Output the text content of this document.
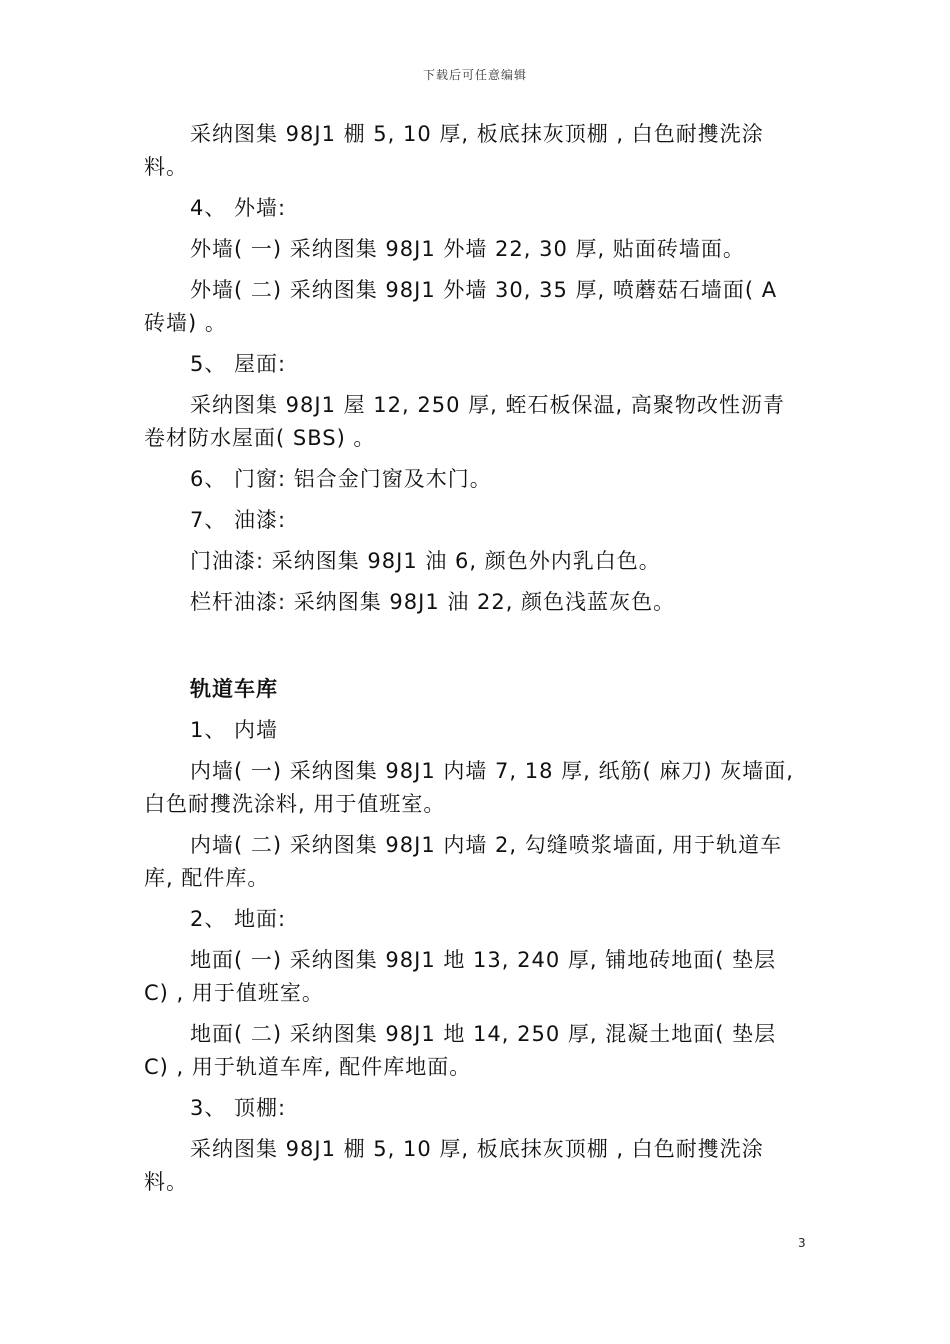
下载后可任意编辑

采纳图集 98J1 棚 5, 10 厚, 板底抹灰顶棚 , 白色耐㩳洗涂料。

4、 外墙:

外墙( 一) 采纳图集 98J1 外墙 22, 30 厚, 贴面砖墙面。

外墙( 二) 采纳图集 98J1 外墙 30, 35 厚, 喷蘑菇石墙面( A 砖墙) 。

5、 屋面:

采纳图集 98J1 屋 12, 250 厚, 蛭石板保温, 高聚物改性沥青卷材防水屋面( SBS) 。

6、 门窗: 铝合金门窗及木门。

7、 油漆:

门油漆: 采纳图集 98J1 油 6, 颜色外内乳白色。

栏杆油漆: 采纳图集 98J1 油 22, 颜色浅蓝灰色。

轨道车库

1、 内墙

内墙( 一) 采纳图集 98J1 内墙 7, 18 厚, 纸筋( 麻刀) 灰墙面, 白色耐㩳洗涂料, 用于值班室。

内墙( 二) 采纳图集 98J1 内墙 2, 勾缝喷浆墙面, 用于轨道车库, 配件库。

2、 地面:

地面( 一) 采纳图集 98J1 地 13, 240 厚, 铺地砖地面( 垫层 C) , 用于值班室。

地面( 二) 采纳图集 98J1 地 14, 250 厚, 混凝土地面( 垫层 C) , 用于轨道车库, 配件库地面。

3、 顶棚:

采纳图集 98J1 棚 5, 10 厚, 板底抹灰顶棚 , 白色耐㩳洗涂料。

3
